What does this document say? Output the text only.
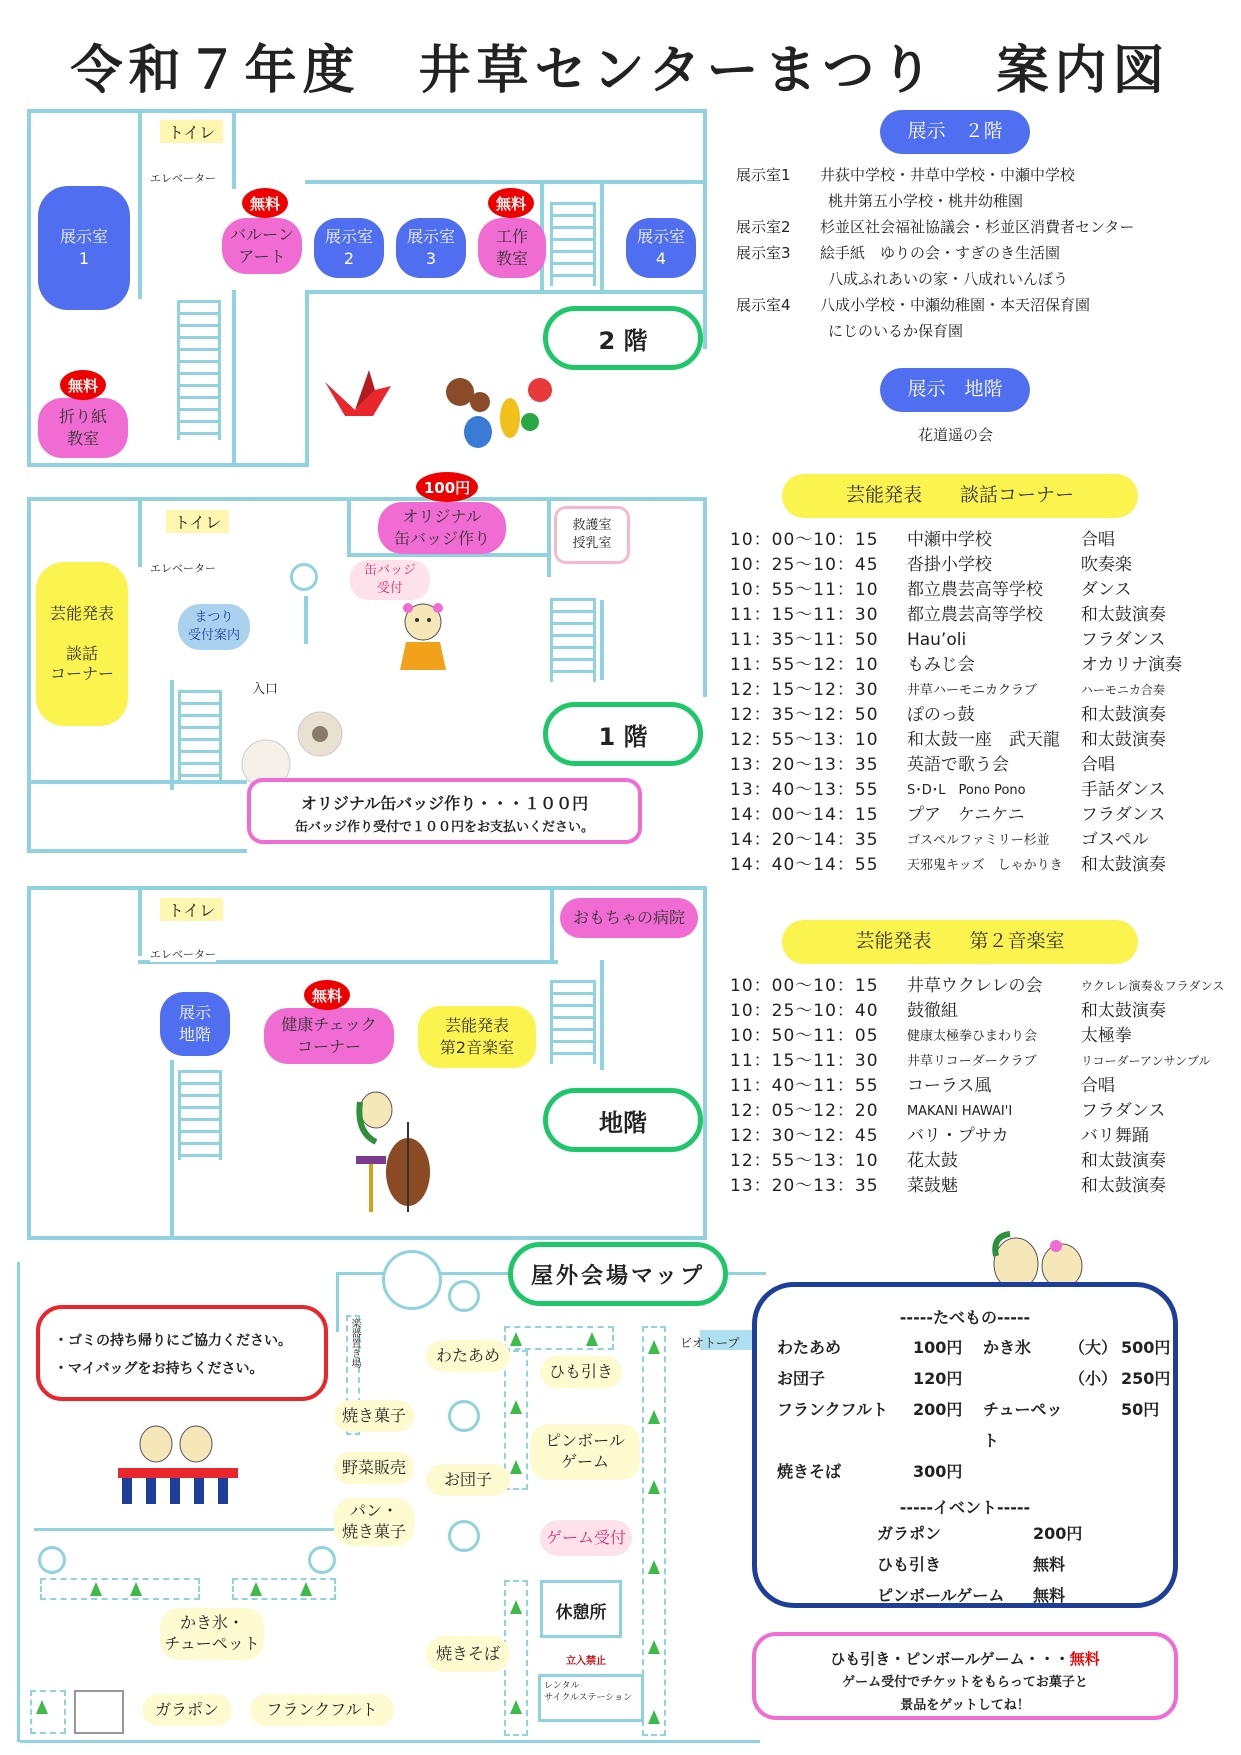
令和７年度　井草センターまつり　案内図
トイレ
エレベーター
展示室
1
バルーン
アート
無料
展示室
2
展示室
3
工作
教室
無料
展示室
4
折り紙
教室
無料
2 階
トイレ
エレベーター
芸能発表

談話
コーナー
オリジナル
缶バッジ作り
100円
救護室
授乳室
缶バッジ
受付
まつり
受付案内
入口
1 階
オリジナル缶バッジ作り・・・１００円
缶バッジ作り受付で１００円をお支払いください。
トイレ
エレベーター
おもちゃの病院
展示
地階
健康チェック
コーナー
無料
芸能発表
第2音楽室
地階
展示　２階
展示室1	井荻中学校・井草中学校・中瀬中学校
桃井第五小学校・桃井幼稚園
展示室2	杉並区社会福祉協議会・杉並区消費者センター
展示室3	絵手紙　ゆりの会・すぎのき生活園
八成ふれあいの家・八成れいんぼう
展示室4	八成小学校・中瀬幼稚園・本天沼保育園
にじのいるか保育園
展示　地階
花道遥の会
芸能発表　　談話コーナー
10：00〜10：15	中瀬中学校	合唱
10：25〜10：45	沓掛小学校	吹奏楽
10：55〜11：10	都立農芸高等学校	ダンス
11：15〜11：30	都立農芸高等学校	和太鼓演奏
11：35〜11：50	Hau’oli	フラダンス
11：55〜12：10	もみじ会	オカリナ演奏
12：15〜12：30	井草ハーモニカクラブ	ハーモニカ合奏
12：35〜12：50	ぽのっ鼓	和太鼓演奏
12：55〜13：10	和太鼓一座　武天龍	和太鼓演奏
13：20〜13：35	英語で歌う会	合唱
13：40〜13：55	S･D･L　Pono Pono	手話ダンス
14：00〜14：15	プア　ケニケニ	フラダンス
14：20〜14：35	ゴスペルファミリー杉並	ゴスペル
14：40〜14：55	天邪鬼キッズ　しゃかりき	和太鼓演奏
芸能発表　　第２音楽室
10：00〜10：15	井草ウクレレの会	ウクレレ演奏＆フラダンス
10：25〜10：40	鼓徹組	和太鼓演奏
10：50〜11：05	健康太極拳ひまわり会	太極拳
11：15〜11：30	井草リコーダークラブ	リコーダーアンサンブル
11：40〜11：55	コーラス風	合唱
12：05〜12：20	MAKANI HAWAI'I	フラダンス
12：30〜12：45	バリ・プサカ	バリ舞踊
12：55〜13：10	花太鼓	和太鼓演奏
13：20〜13：35	菜鼓魅	和太鼓演奏
屋外会場マップ
・ゴミの持ち帰りにご協力ください。
・マイバッグをお持ちください。
楽器置き場	ビオトープ
わたあめ
ひも引き
焼き菓子
ピンボール
ゲーム
野菜販売
お団子
パン・
焼き菓子	ゲーム受付
かき氷・
チューペット
休憩所
立入禁止
焼きそば
レンタル
サイクルステーション
ガラポン	フランクフルト
-----たべもの-----
わたあめ	100円	かき氷	（大） 500円
お団子	120円	（小） 250円
フランクフルト	200円	チューペット
50円
焼きそば	300円
-----イベント-----
ガラポン	200円
ひも引き	無料
ピンボールゲーム	無料
ひも引き・ピンボールゲーム・・・無料
ゲーム受付でチケットをもらってお菓子と
景品をゲットしてね！
